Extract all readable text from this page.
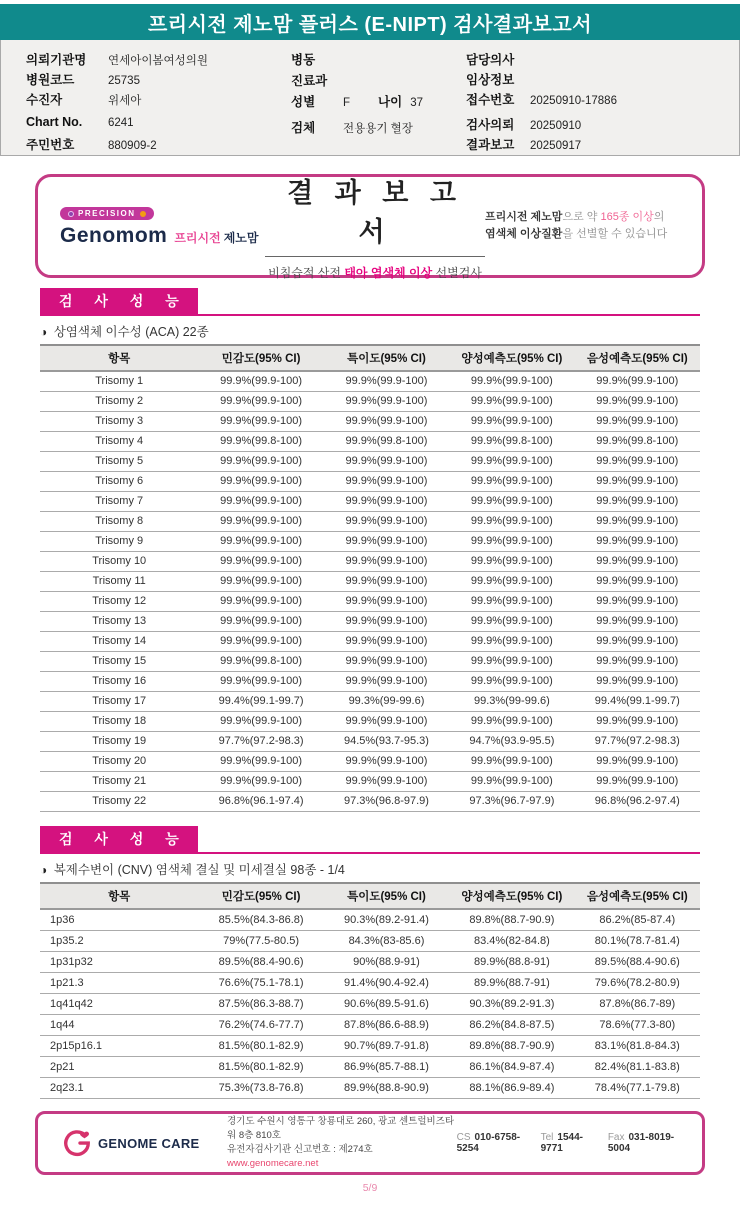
프리시전 제노맘 플러스 (E-NIPT) 검사결과보고서
의뢰기관명	연세아이봄여성의원
병원코드	25735
수진자	위세아
Chart No.	6241
주민번호	880909-2
병동
진료과
성별	F 나이 37
검체	전용용기 혈장
담당의사
임상정보
접수번호	20250910-17886
검사의뢰	20250910
결과보고	20250917
PRECISION
Genomom 프리시전 제노맘
결 과 보 고 서
비침습적 산전 태아 염색체 이상 선별검사
프리시전 제노맘으로 약 165종 이상의
염색체 이상질환을 선별할 수 있습니다
검 사 성 능
◑ 상염색체 이수성 (ACA) 22종
항목	민감도(95% CI)	특이도(95% CI)	양성예측도(95% CI)	음성예측도(95% CI)
Trisomy 1	99.9%(99.9-100)	99.9%(99.9-100)	99.9%(99.9-100)	99.9%(99.9-100)
Trisomy 2	99.9%(99.9-100)	99.9%(99.9-100)	99.9%(99.9-100)	99.9%(99.9-100)
Trisomy 3	99.9%(99.9-100)	99.9%(99.9-100)	99.9%(99.9-100)	99.9%(99.9-100)
Trisomy 4	99.9%(99.8-100)	99.9%(99.8-100)	99.9%(99.8-100)	99.9%(99.8-100)
Trisomy 5	99.9%(99.9-100)	99.9%(99.9-100)	99.9%(99.9-100)	99.9%(99.9-100)
Trisomy 6	99.9%(99.9-100)	99.9%(99.9-100)	99.9%(99.9-100)	99.9%(99.9-100)
Trisomy 7	99.9%(99.9-100)	99.9%(99.9-100)	99.9%(99.9-100)	99.9%(99.9-100)
Trisomy 8	99.9%(99.9-100)	99.9%(99.9-100)	99.9%(99.9-100)	99.9%(99.9-100)
Trisomy 9	99.9%(99.9-100)	99.9%(99.9-100)	99.9%(99.9-100)	99.9%(99.9-100)
Trisomy 10	99.9%(99.9-100)	99.9%(99.9-100)	99.9%(99.9-100)	99.9%(99.9-100)
Trisomy 11	99.9%(99.9-100)	99.9%(99.9-100)	99.9%(99.9-100)	99.9%(99.9-100)
Trisomy 12	99.9%(99.9-100)	99.9%(99.9-100)	99.9%(99.9-100)	99.9%(99.9-100)
Trisomy 13	99.9%(99.9-100)	99.9%(99.9-100)	99.9%(99.9-100)	99.9%(99.9-100)
Trisomy 14	99.9%(99.9-100)	99.9%(99.9-100)	99.9%(99.9-100)	99.9%(99.9-100)
Trisomy 15	99.9%(99.8-100)	99.9%(99.9-100)	99.9%(99.9-100)	99.9%(99.9-100)
Trisomy 16	99.9%(99.9-100)	99.9%(99.9-100)	99.9%(99.9-100)	99.9%(99.9-100)
Trisomy 17	99.4%(99.1-99.7)	99.3%(99-99.6)	99.3%(99-99.6)	99.4%(99.1-99.7)
Trisomy 18	99.9%(99.9-100)	99.9%(99.9-100)	99.9%(99.9-100)	99.9%(99.9-100)
Trisomy 19	97.7%(97.2-98.3)	94.5%(93.7-95.3)	94.7%(93.9-95.5)	97.7%(97.2-98.3)
Trisomy 20	99.9%(99.9-100)	99.9%(99.9-100)	99.9%(99.9-100)	99.9%(99.9-100)
Trisomy 21	99.9%(99.9-100)	99.9%(99.9-100)	99.9%(99.9-100)	99.9%(99.9-100)
Trisomy 22	96.8%(96.1-97.4)	97.3%(96.8-97.9)	97.3%(96.7-97.9)	96.8%(96.2-97.4)
검 사 성 능
◑ 복제수변이 (CNV) 염색체 결실 및 미세결실 98종 - 1/4
항목	민감도(95% CI)	특이도(95% CI)	양성예측도(95% CI)	음성예측도(95% CI)
1p36	85.5%(84.3-86.8)	90.3%(89.2-91.4)	89.8%(88.7-90.9)	86.2%(85-87.4)
1p35.2	79%(77.5-80.5)	84.3%(83-85.6)	83.4%(82-84.8)	80.1%(78.7-81.4)
1p31p32	89.5%(88.4-90.6)	90%(88.9-91)	89.9%(88.8-91)	89.5%(88.4-90.6)
1p21.3	76.6%(75.1-78.1)	91.4%(90.4-92.4)	89.9%(88.7-91)	79.6%(78.2-80.9)
1q41q42	87.5%(86.3-88.7)	90.6%(89.5-91.6)	90.3%(89.2-91.3)	87.8%(86.7-89)
1q44	76.2%(74.6-77.7)	87.8%(86.6-88.9)	86.2%(84.8-87.5)	78.6%(77.3-80)
2p15p16.1	81.5%(80.1-82.9)	90.7%(89.7-91.8)	89.8%(88.7-90.9)	83.1%(81.8-84.3)
2p21	81.5%(80.1-82.9)	86.9%(85.7-88.1)	86.1%(84.9-87.4)	82.4%(81.1-83.8)
2q23.1	75.3%(73.8-76.8)	89.9%(88.8-90.9)	88.1%(86.9-89.4)	78.4%(77.1-79.8)
GENOME CARE
경기도 수원시 영통구 창룡대로 260, 광교 센트럴비즈타워 8층 810호
유전자검사기관 신고번호 : 제274호
www.genomecare.net
CS 010-6758-5254
Tel 1544-9771
Fax 031-8019-5004
5/9
